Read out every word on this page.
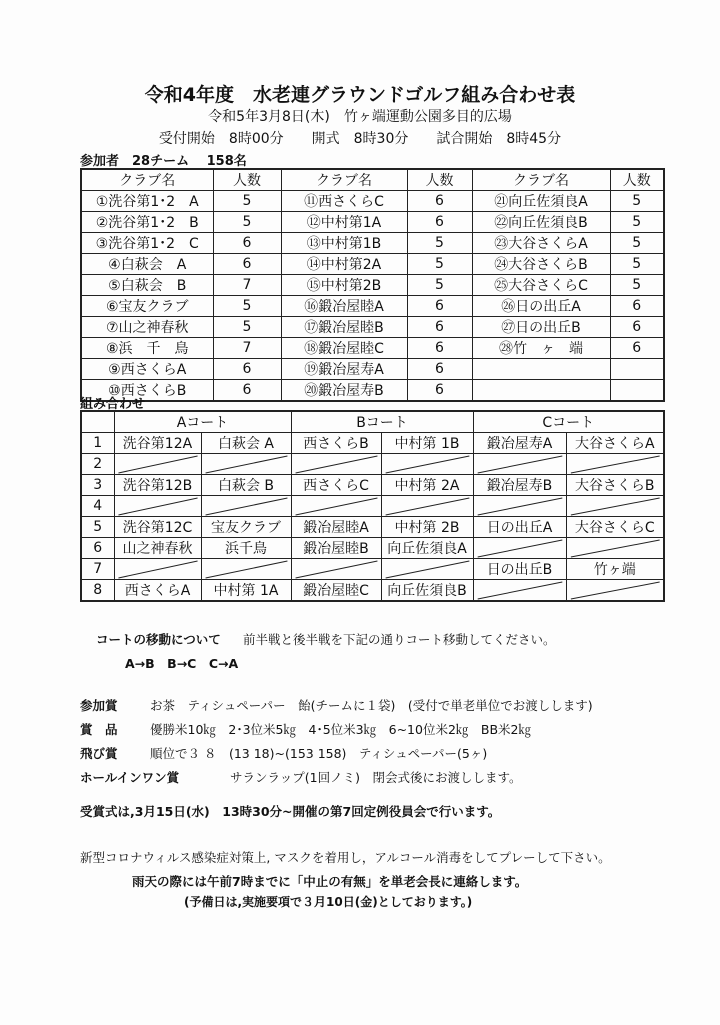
令和4年度　水老連グラウンドゴルフ組み合わせ表
令和5年3月8日(木)　竹ヶ端運動公園多目的広場
受付開始　8時00分　　開式　8時30分　　試合開始　8時45分
参加者　28チーム　 158名
クラブ名	人数	クラブ名	人数	クラブ名	人数
①洗谷第1･2　A	5	⑪西さくらC	6	㉑向丘佐須良A	5
②洗谷第1･2　B	5	⑫中村第1A	6	㉒向丘佐須良B	5
③洗谷第1･2　C	6	⑬中村第1B	5	㉓大谷さくらA	5
④白萩会　A	6	⑭中村第2A	5	㉔大谷さくらB	5
⑤白萩会　B	7	⑮中村第2B	5	㉕大谷さくらC	5
⑥宝友クラブ	5	⑯鍛冶屋睦A	6	㉖日の出丘A	6
⑦山之神春秋	5	⑰鍛冶屋睦B	6	㉗日の出丘B	6
⑧浜　千　鳥	7	⑱鍛冶屋睦C	6	㉘竹　ヶ　端	6
⑨西さくらA	6	⑲鍛冶屋寿A	6		
⑩西さくらB	6	⑳鍛冶屋寿B	6		
組み合わせ
	Aコート		Bコート		Cコート	
1	洗谷第12A	白萩会 A	西さくらB	中村第 1B	鍛冶屋寿A	大谷さくらA
2	

3	洗谷第12B	白萩会 B	西さくらC	中村第 2A	鍛冶屋寿B	大谷さくらB
4	

5	洗谷第12C	宝友クラブ	鍛冶屋睦A	中村第 2B	日の出丘A	大谷さくらC
6	山之神春秋	浜千鳥	鍛冶屋睦B	向丘佐須良A	

7					日の出丘B	竹ヶ端
8	西さくらA	中村第 1A	鍛冶屋睦C	向丘佐須良B	

コートの移動について 前半戦と後半戦を下記の通りコート移動してください。
A→B　B→C　C→A
参加賞	お茶　ティシュペーパー　飴(チームに１袋)　(受付で単老単位でお渡しします)
賞　品	優勝米10㎏　2･3位米5㎏　4･5位米3㎏　6~10位米2㎏　BB米2㎏
飛び賞	順位で３ ８　(13 18)~(153 158)　ティシュペーパー(5ヶ)
ホールインワン賞	サランラップ(1回ノミ)　閉会式後にお渡しします。
受賞式は,3月15日(水)　13時30分~開催の第7回定例役員会で行います。
新型コロナウィルス感染症対策上, マスクを着用し，アルコール消毒をしてプレーして下さい。
雨天の際には午前7時までに「中止の有無」を単老会長に連絡します。
(予備日は,実施要項で３月10日(金)としております。)
